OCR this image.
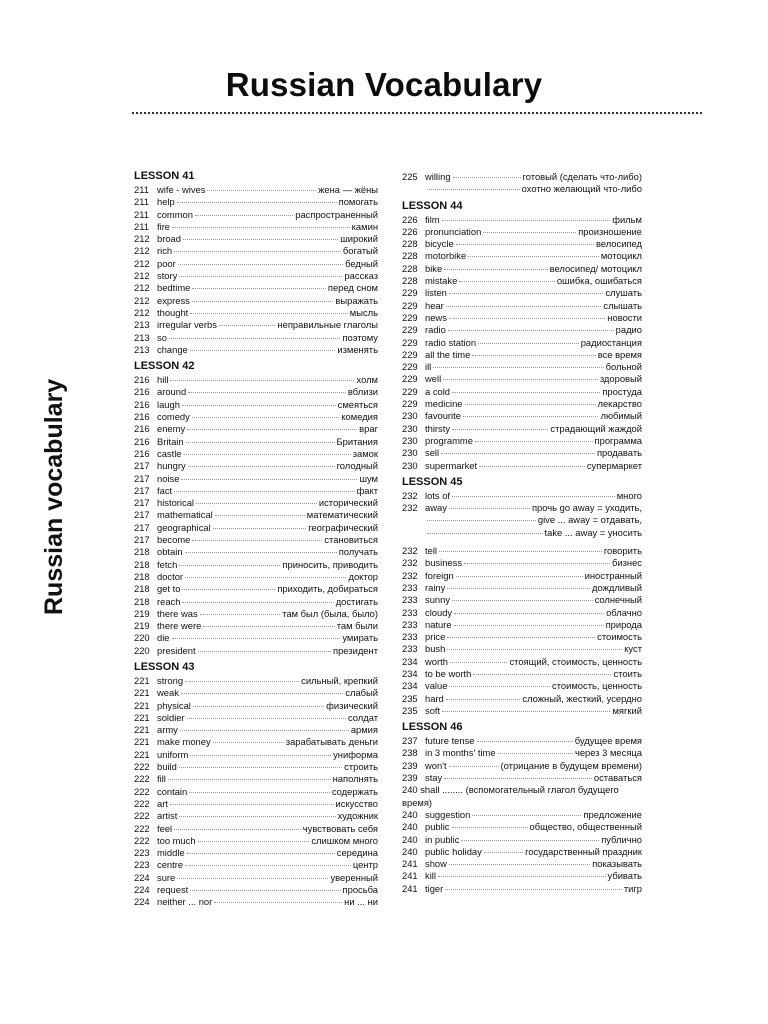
Russian Vocabulary
Russian vocabulary
LESSON 41
211 wife - wives	жена — жёны
211 help	помогать
211 common	распространенный
211 fire	камин
212 broad	широкий
212 rich	богатый
212 poor	бедный
212 story	рассказ
212 bedtime	перед сном
212 express	выражать
212 thought	мысль
213 irregular verbs	неправильные глаголы
213 so	поэтому
213 change	изменять
LESSON 42
216 hill	холм
216 around	вблизи
216 laugh	смеяться
216 comedy	комедия
216 enemy	враг
216 Britain	Британия
216 castle	замок
217 hungry	голодный
217 noise	шум
217 fact	факт
217 historical	исторический
217 mathematical	математический
217 geographical	географический
217 become	становиться
218 obtain	получать
218 fetch	приносить, приводить
218 doctor	доктор
218 get to	приходить, добираться
218 reach	достигать
219 there was	там был (была, было)
219 there were	там были
220 die	умирать
220 president	президент
LESSON 43
221 strong	сильный, крепкий
221 weak	слабый
221 physical	физический
221 soldier	солдат
221 army	армия
221 make money	зарабатывать деньги
221 uniform	униформа
222 build	строить
222 fill	наполнять
222 contain	содержать
222 art	искусство
222 artist	художник
222 feel	чувствовать себя
222 too much	слишком много
223 middle	середина
223 centre	центр
224 sure	уверенный
224 request	просьба
224 neither ... nor	ни ... ни
225 willing	готовый (сделать что-либо)
охотно желающий что-либо
LESSON 44
226 film	фильм
226 pronunciation	произношение
228 bicycle	велосипед
228 motorbike	мотоцикл
228 bike	велосипед/ мотоцикл
228 mistake	ошибка, ошибаться
229 listen	слушать
229 hear	слышать
229 news	новости
229 radio	радио
229 radio station	радиостанция
229 all the time	все время
229 ill	больной
229 well	здоровый
229 a cold	простуда
229 medicine	лекарство
230 favourite	любимый
230 thirsty	страдающий жаждой
230 programme	программа
230 sell	продавать
230 supermarket	супермаркет
LESSON 45
232 lots of	много
232 away	прочь go away = уходить,
give ... away = отдавать,
take ... away = уносить
232 tell	говорить
232 business	бизнес
232 foreign	иностранный
233 rainy	дождливый
233 sunny	солнечный
233 cloudy	облачно
233 nature	природа
233 price	стоимость
233 bush	куст
234 worth	стоящий, стоимость, ценность
234 to be worth	стоить
234 value	стоимость, ценность
235 hard	сложный, жесткий, усердно
235 soft	мягкий
LESSON 46
237 future tense	будущее время
238 in 3 months' time	через 3 месяца
239 won't	(отрицание в будущем времени)
239 stay	оставаться
240 shall ........ (вспомогательный глагол будущего время)
240 suggestion	предложение
240 public	общество, общественный
240 in public	публично
240 public holiday	государственный праздник
241 show	показывать
241 kill	убивать
241 tiger	тигр
